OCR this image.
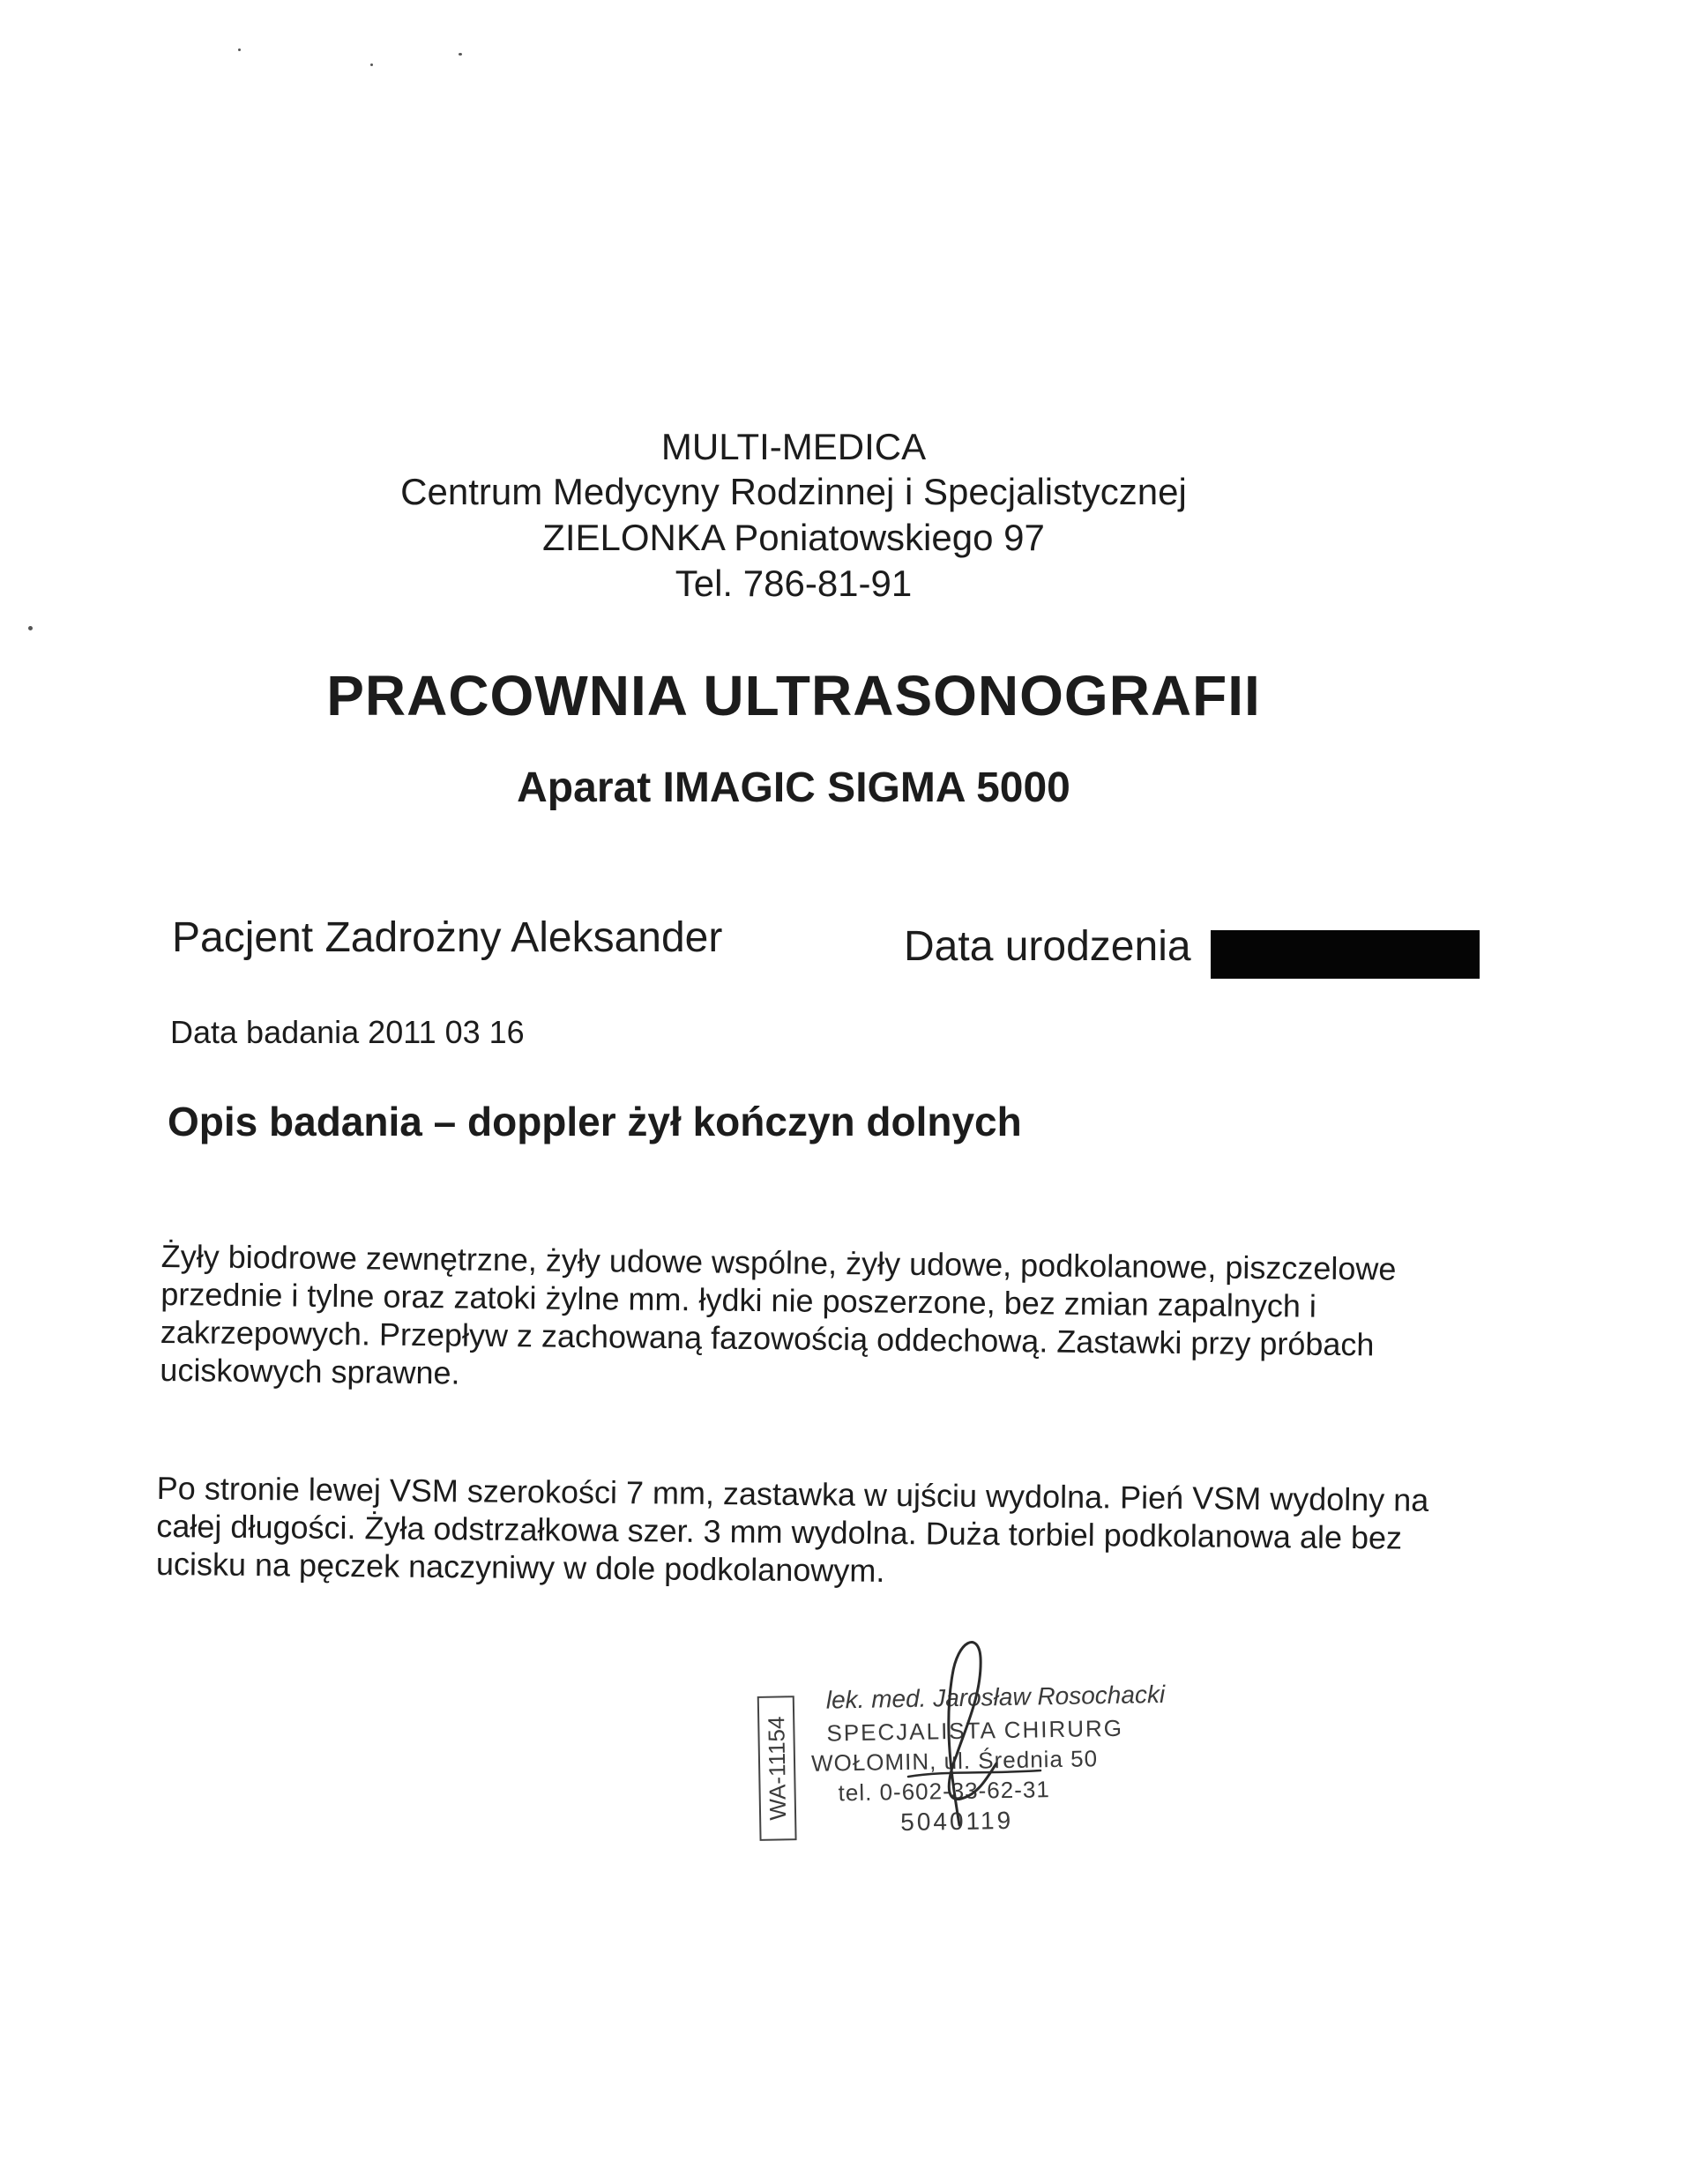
MULTI-MEDICA
Centrum Medycyny Rodzinnej i Specjalistycznej
ZIELONKA Poniatowskiego 97
Tel. 786-81-91
PRACOWNIA ULTRASONOGRAFII
Aparat IMAGIC SIGMA 5000
Pacjent Zadrożny Aleksander	Data urodzenia
Data badania 2011 03 16
Opis badania – doppler żył kończyn dolnych

Żyły biodrowe zewnętrzne, żyły udowe wspólne, żyły udowe, podkolanowe, piszczelowe przednie i tylne oraz zatoki żylne mm. łydki nie poszerzone, bez zmian zapalnych i zakrzepowych. Przepływ z zachowaną fazowością oddechową. Zastawki przy próbach uciskowych sprawne.

Po stronie lewej VSM szerokości 7 mm, zastawka w ujściu wydolna. Pień VSM wydolny na całej długości. Żyła odstrzałkowa szer. 3 mm wydolna. Duża torbiel podkolanowa ale bez ucisku na pęczek naczyniwy w dole podkolanowym.

WA-11154
lek. med. Jarosław Rosochacki
SPECJALISTA CHIRURG
WOŁOMIN, ul. Średnia 50
tel. 0-602-33-62-31
5040119
